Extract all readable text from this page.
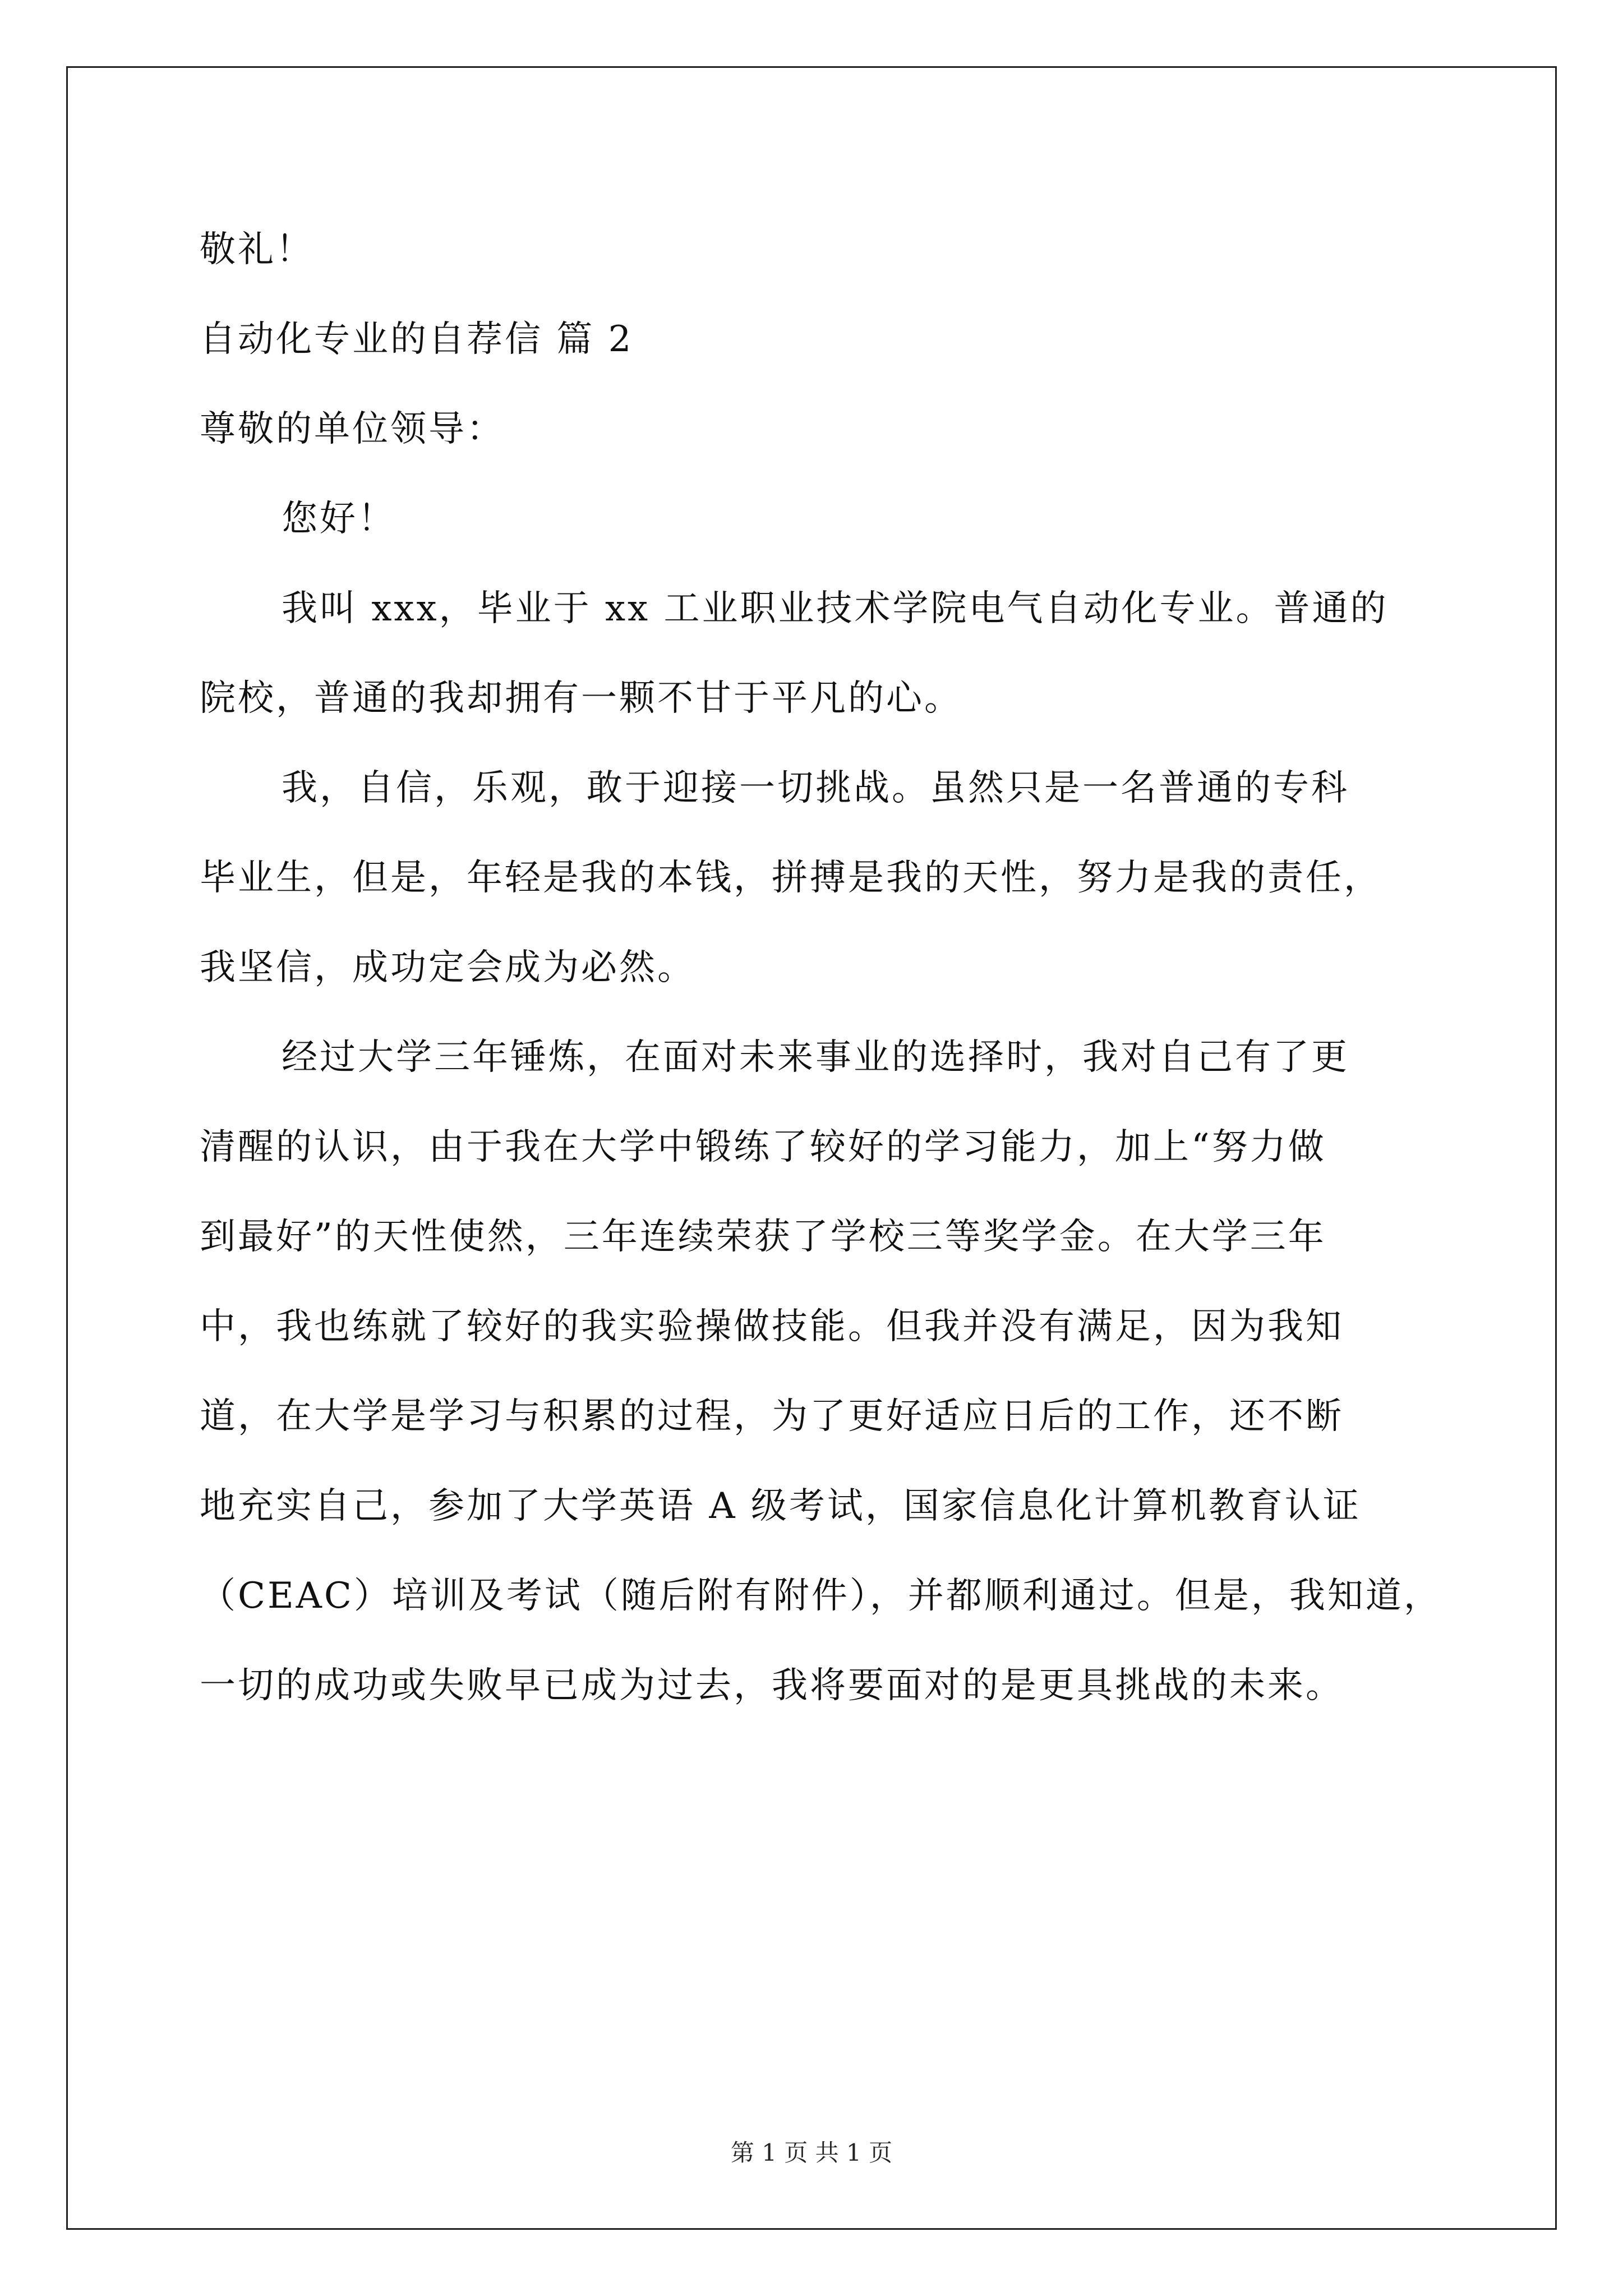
敬礼！
自动化专业的自荐信 篇 2
尊敬的单位领导：
您好！
我叫 xxx，毕业于 xx 工业职业技术学院电气自动化专业。普通的
院校，普通的我却拥有一颗不甘于平凡的心。
我，自信，乐观，敢于迎接一切挑战。虽然只是一名普通的专科
毕业生，但是，年轻是我的本钱，拼搏是我的天性，努力是我的责任，
我坚信，成功定会成为必然。
经过大学三年锤炼，在面对未来事业的选择时，我对自己有了更
清醒的认识，由于我在大学中锻练了较好的学习能力，加上“努力做
到最好”的天性使然，三年连续荣获了学校三等奖学金。在大学三年
中，我也练就了较好的我实验操做技能。但我并没有满足，因为我知
道，在大学是学习与积累的过程，为了更好适应日后的工作，还不断
地充实自己，参加了大学英语 A 级考试，国家信息化计算机教育认证
（CEAC）培训及考试（随后附有附件），并都顺利通过。但是，我知道，
一切的成功或失败早已成为过去，我将要面对的是更具挑战的未来。
第 1 页 共 1 页
